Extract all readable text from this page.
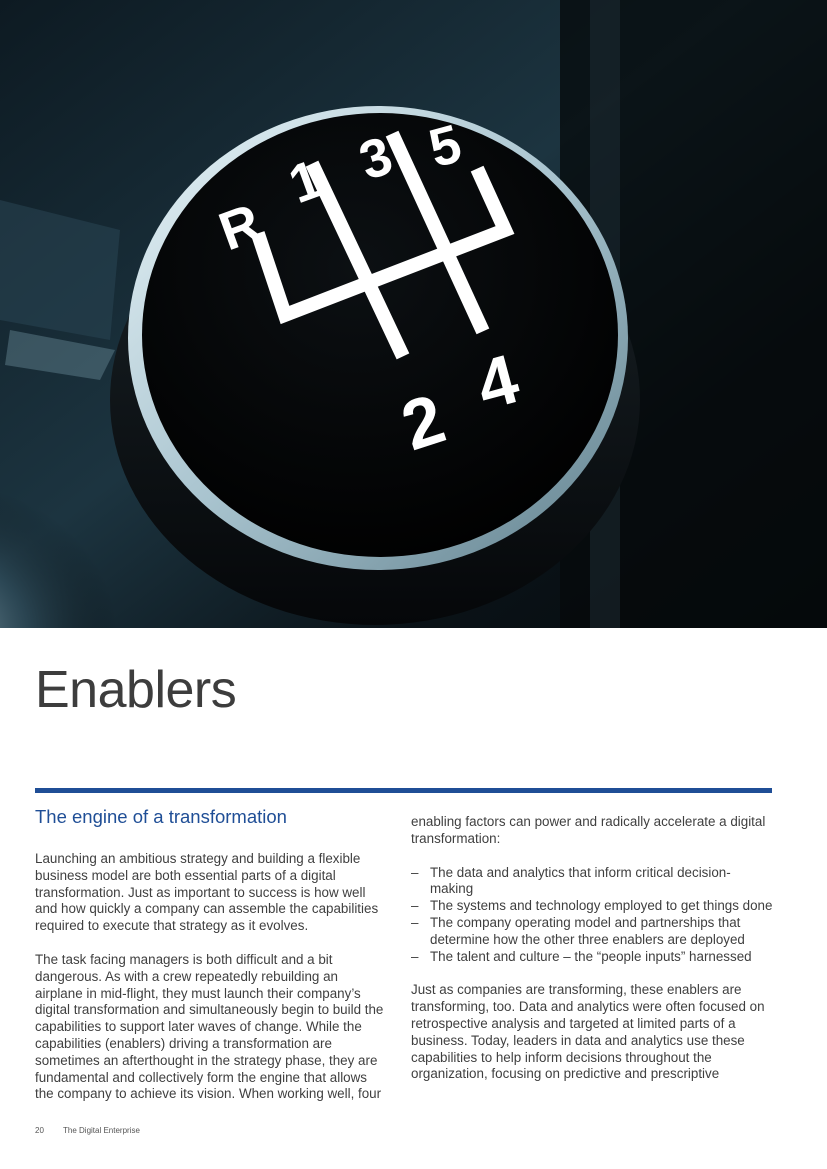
R
1 3 5
2 4
Enablers
The engine of a transformation

Launching an ambitious strategy and building a flexible business model are both essential parts of a digital transformation. Just as important to success is how well and how quickly a company can assemble the capabilities required to execute that strategy as it evolves.

The task facing managers is both difficult and a bit dangerous. As with a crew repeatedly rebuilding an airplane in mid-flight, they must launch their company’s digital transformation and simultaneously begin to build the capabilities to support later waves of change. While the capabilities (enablers) driving a transformation are sometimes an afterthought in the strategy phase, they are fundamental and collectively form the engine that allows the company to achieve its vision. When working well, four

enabling factors can power and radically accelerate a digital transformation:

– The data and analytics that inform critical decision-making
– The systems and technology employed to get things done
– The company operating model and partnerships that determine how the other three enablers are deployed
– The talent and culture – the “people inputs” harnessed

Just as companies are transforming, these enablers are transforming, too. Data and analytics were often focused on retrospective analysis and targeted at limited parts of a business. Today, leaders in data and analytics use these capabilities to help inform decisions throughout the organization, focusing on predictive and prescriptive

20 The Digital Enterprise
